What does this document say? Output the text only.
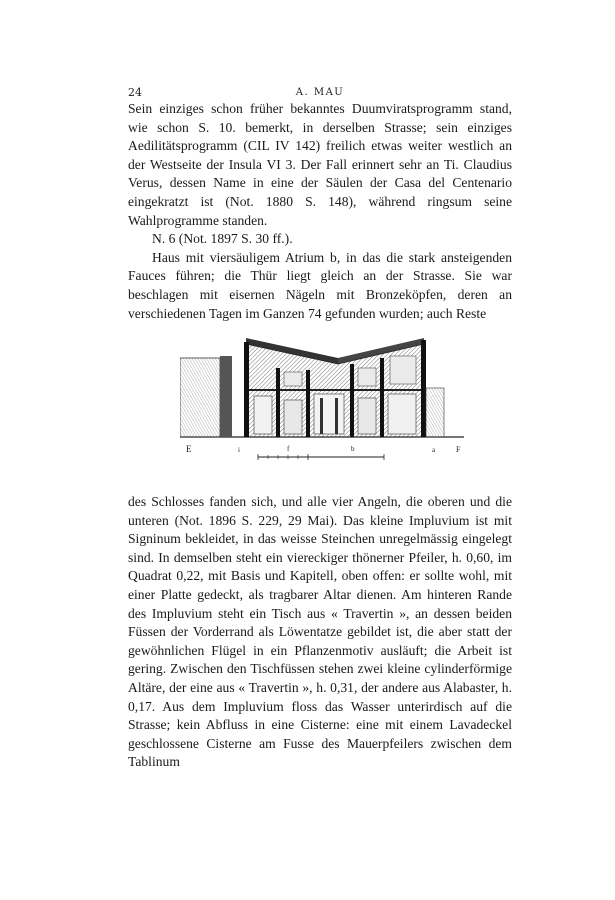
24	A. MAU

Sein einziges schon früher bekanntes Duumviratsprogramm stand, wie schon S. 10. bemerkt, in derselben Strasse; sein einziges Aedilitätsprogramm (CIL IV 142) freilich etwas weiter westlich an der Westseite der Insula VI 3. Der Fall erinnert sehr an Ti. Claudius Verus, dessen Name in eine der Säulen der Casa del Centenario eingekratzt ist (Not. 1880 S. 148), während ringsum seine Wahlprogramme standen.

N. 6 (Not. 1897 S. 30 ff.).

Haus mit viersäuligem Atrium b, in das die stark ansteigenden Fauces führen; die Thür liegt gleich an der Strasse. Sie war beschlagen mit eisernen Nägeln mit Bronzeköpfen, deren an verschiedenen Tagen im Ganzen 74 gefunden wurden; auch Reste

E	i	f	b	a	F

des Schlosses fanden sich, und alle vier Angeln, die oberen und die unteren (Not. 1896 S. 229, 29 Mai). Das kleine Impluvium ist mit Signinum bekleidet, in das weisse Steinchen unregelmässig eingelegt sind. In demselben steht ein viereckiger thönerner Pfeiler, h. 0,60, im Quadrat 0,22, mit Basis und Kapitell, oben offen: er sollte wohl, mit einer Platte gedeckt, als tragbarer Altar dienen. Am hinteren Rande des Impluvium steht ein Tisch aus « Travertin », an dessen beiden Füssen der Vorderrand als Löwentatze gebildet ist, die aber statt der gewöhnlichen Flügel in ein Pflanzenmotiv ausläuft; die Arbeit ist gering. Zwischen den Tischfüssen stehen zwei kleine cylinderförmige Altäre, der eine aus « Travertin », h. 0,31, der andere aus Alabaster, h. 0,17. Aus dem Impluvium floss das Wasser unterirdisch auf die Strasse; kein Abfluss in eine Cisterne: eine mit einem Lavadeckel geschlossene Cisterne am Fusse des Mauerpfeilers zwischen dem Tablinum
